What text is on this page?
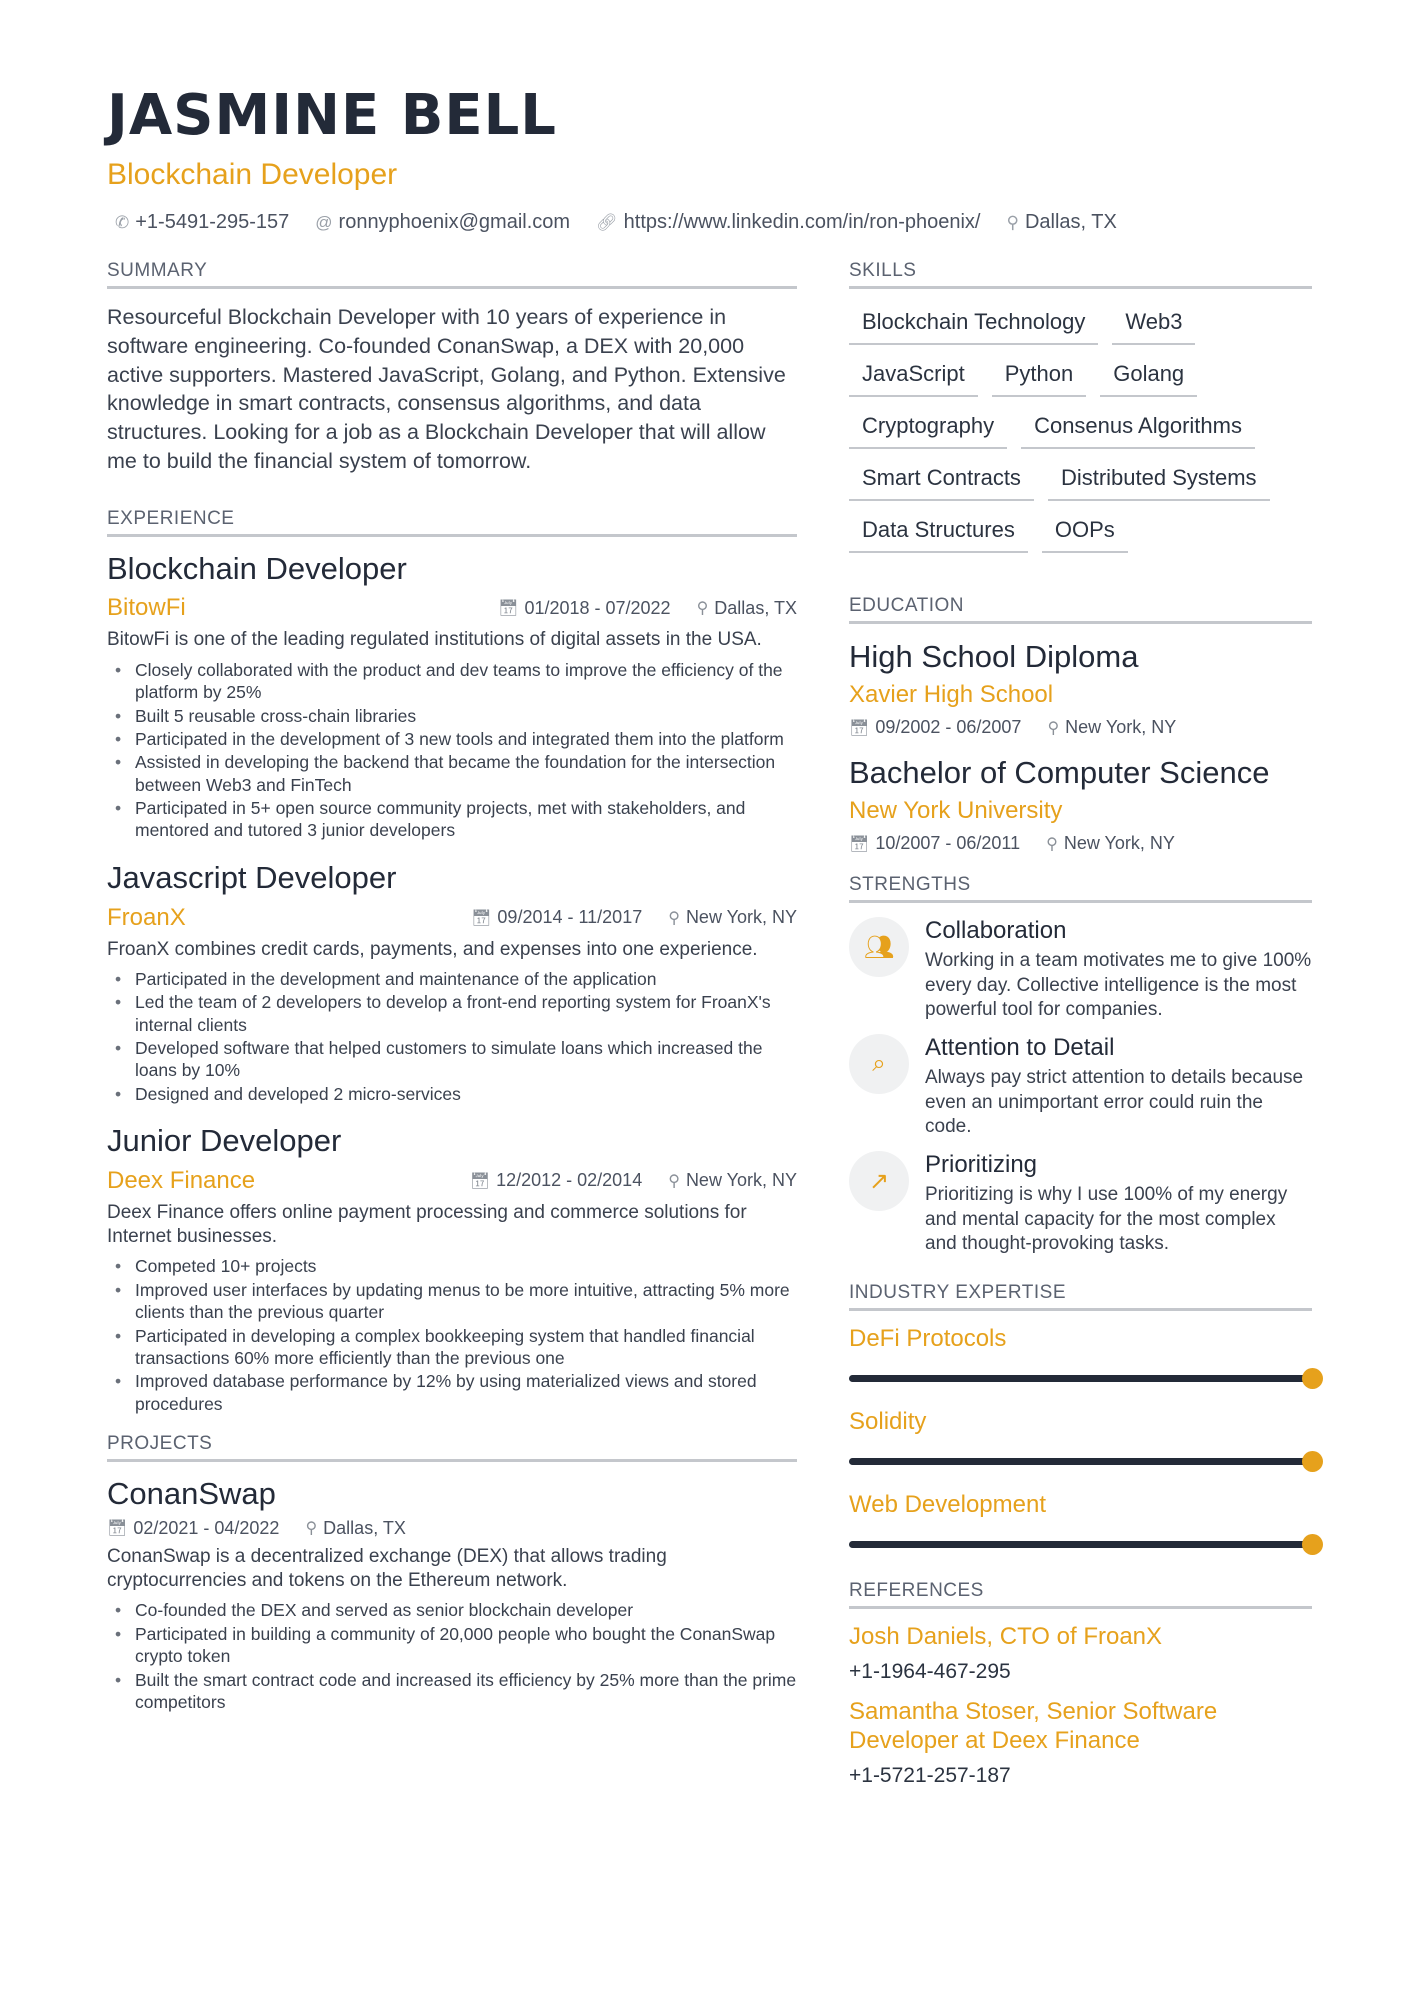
JASMINE BELL
Blockchain Developer
✆ +1-5491-295-157 @ ronnyphoenix@gmail.com 🔗︎ https://www.linkedin.com/in/ron-phoenix/ ⚲ Dallas, TX
SUMMARY

Resourceful Blockchain Developer with 10 years of experience in software engineering. Co-founded ConanSwap, a DEX with 20,000 active supporters. Mastered JavaScript, Golang, and Python. Extensive knowledge in smart contracts, consensus algorithms, and data structures. Looking for a job as a Blockchain Developer that will allow me to build the financial system of tomorrow.

EXPERIENCE
Blockchain Developer
BitowFi	📅︎ 01/2018 - 07/2022 ⚲ Dallas, TX
BitowFi is one of the leading regulated institutions of digital assets in the USA.
• Closely collaborated with the product and dev teams to improve the efficiency of the platform by 25%
• Built 5 reusable cross-chain libraries
• Participated in the development of 3 new tools and integrated them into the platform
• Assisted in developing the backend that became the foundation for the intersection between Web3 and FinTech
• Participated in 5+ open source community projects, met with stakeholders, and mentored and tutored 3 junior developers
Javascript Developer
FroanX	📅︎ 09/2014 - 11/2017 ⚲ New York, NY
FroanX combines credit cards, payments, and expenses into one experience.
• Participated in the development and maintenance of the application
• Led the team of 2 developers to develop a front-end reporting system for FroanX's internal clients
• Developed software that helped customers to simulate loans which increased the loans by 10%
• Designed and developed 2 micro-services
Junior Developer
Deex Finance	📅︎ 12/2012 - 02/2014 ⚲ New York, NY
Deex Finance offers online payment processing and commerce solutions for Internet businesses.
• Competed 10+ projects
• Improved user interfaces by updating menus to be more intuitive, attracting 5% more clients than the previous quarter
• Participated in developing a complex bookkeeping system that handled financial transactions 60% more efficiently than the previous one
• Improved database performance by 12% by using materialized views and stored procedures
PROJECTS
ConanSwap
📅︎ 02/2021 - 04/2022 ⚲ Dallas, TX
ConanSwap is a decentralized exchange (DEX) that allows trading cryptocurrencies and tokens on the Ethereum network.
• Co-founded the DEX and served as senior blockchain developer
• Participated in building a community of 20,000 people who bought the ConanSwap crypto token
• Built the smart contract code and increased its efficiency by 25% more than the prime competitors
SKILLS
Blockchain Technology	Web3
JavaScript	Python	Golang
Cryptography	Consenus Algorithms
Smart Contracts	Distributed Systems
Data Structures	OOPs
EDUCATION
High School Diploma
Xavier High School
📅︎ 09/2002 - 06/2007 ⚲ New York, NY
Bachelor of Computer Science
New York University
📅︎ 10/2007 - 06/2011 ⚲ New York, NY
STRENGTHS
👥︎
Collaboration
Working in a team motivates me to give 100% every day. Collective intelligence is the most powerful tool for companies.
⌕
Attention to Detail
Always pay strict attention to details because even an unimportant error could ruin the code.
↗
Prioritizing
Prioritizing is why I use 100% of my energy and mental capacity for the most complex and thought-provoking tasks.
INDUSTRY EXPERTISE
DeFi Protocols
Solidity
Web Development
REFERENCES
Josh Daniels, CTO of FroanX
+1-1964-467-295
Samantha Stoser, Senior Software Developer at Deex Finance
+1-5721-257-187
